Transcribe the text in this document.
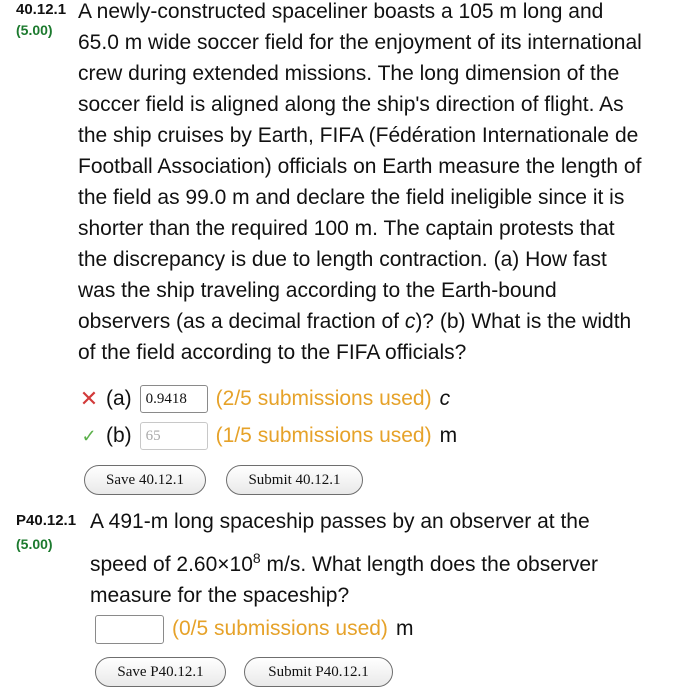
40.12.1
(5.00)
A newly-constructed spaceliner boasts a 105 m long and
65.0 m wide soccer field for the enjoyment of its international
crew during extended missions. The long dimension of the
soccer field is aligned along the ship's direction of flight. As
the ship cruises by Earth, FIFA (Fédération Internationale de
Football Association) officials on Earth measure the length of
the field as 99.0 m and declare the field ineligible since it is
shorter than the required 100 m. The captain protests that
the discrepancy is due to length contraction. (a) How fast
was the ship traveling according to the Earth-bound
observers (as a decimal fraction of c)? (b) What is the width
of the field according to the FIFA officials?
✕ (a) 0.9418	(2/5 submissions used) c
✓ (b) 65	(1/5 submissions used) m
Save 40.12.1	Submit 40.12.1
P40.12.1
(5.00)
A 491-m long spaceship passes by an observer at the
speed of $2.60\times 10^8$ m/s. What length does the observer
measure for the spaceship?
(0/5 submissions used) m
Save P40.12.1	Submit P40.12.1
